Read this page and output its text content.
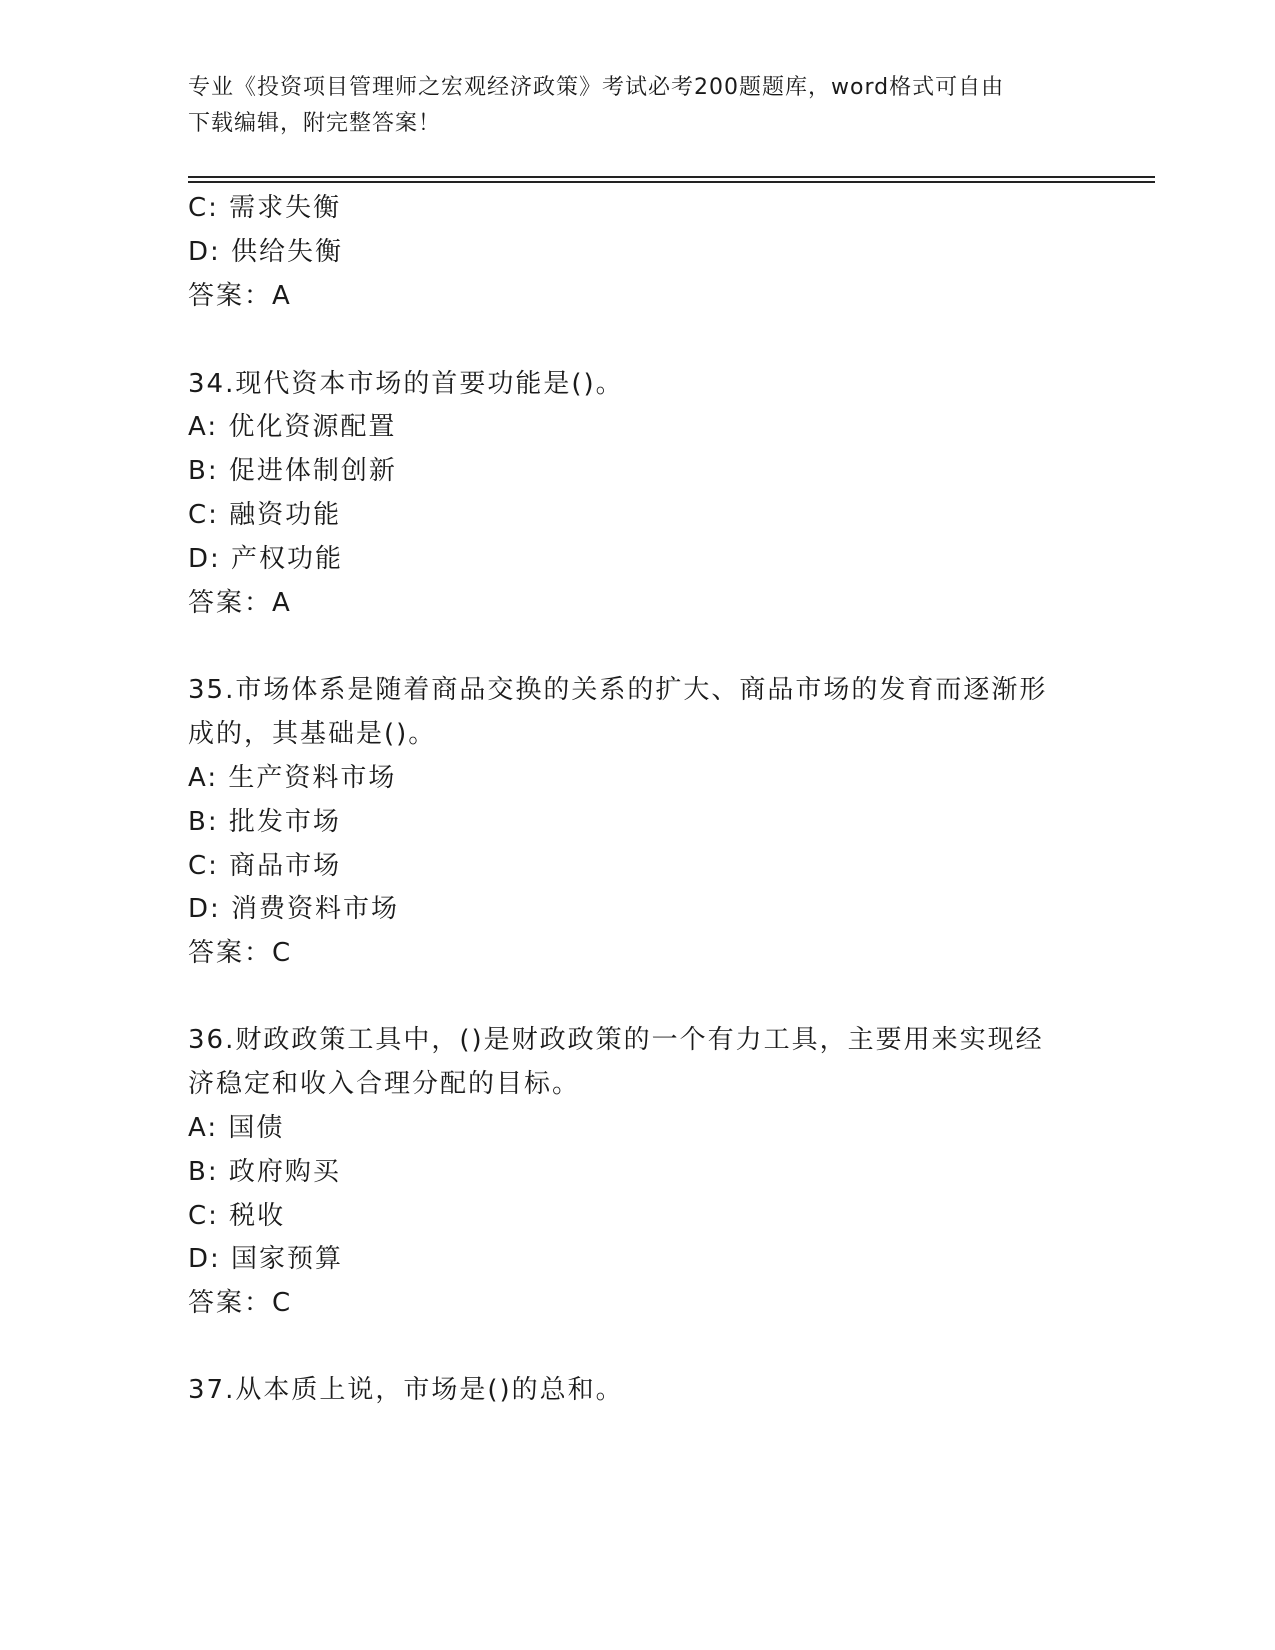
专业《投资项目管理师之宏观经济政策》考试必考200题题库，word格式可自由
下载编辑，附完整答案！
C: 需求失衡
D: 供给失衡
答案：A
34.现代资本市场的首要功能是()。
A: 优化资源配置
B: 促进体制创新
C: 融资功能
D: 产权功能
答案：A
35.市场体系是随着商品交换的关系的扩大、商品市场的发育而逐渐形
成的，其基础是()。
A: 生产资料市场
B: 批发市场
C: 商品市场
D: 消费资料市场
答案：C
36.财政政策工具中，()是财政政策的一个有力工具，主要用来实现经
济稳定和收入合理分配的目标。
A: 国债
B: 政府购买
C: 税收
D: 国家预算
答案：C
37.从本质上说，市场是()的总和。
